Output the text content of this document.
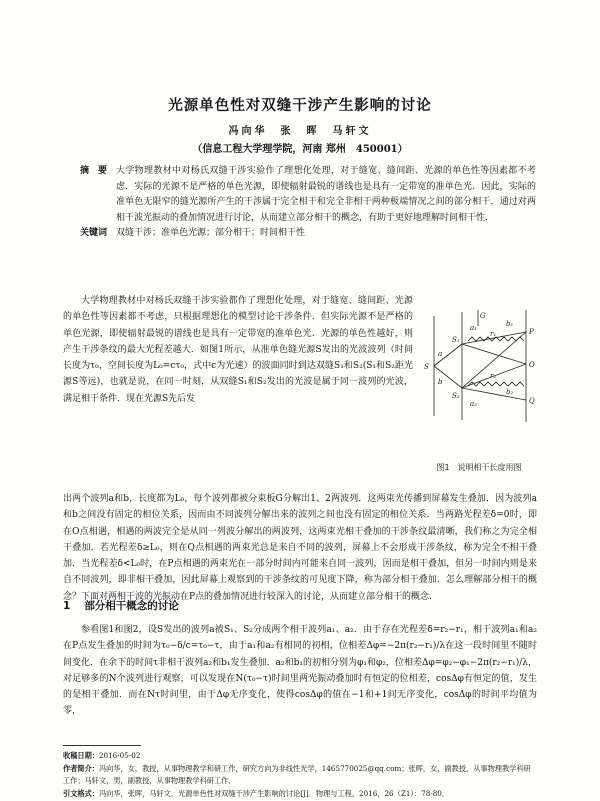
光源单色性对双缝干涉产生影响的讨论
冯向华　张　晖　马轩文
（信息工程大学理学院，河南 郑州　450001）
摘　要 大学物理教材中对杨氏双缝干涉实验作了理想化处理，对于缝宽、缝间距、光源的单色性等因素都不考虑．实际的光源不是严格的单色光源，即使辐射最锐的谱线也是具有一定带宽的准单色光．因此，实际的准单色无限窄的缝光源所产生的干涉属于完全相干和完全非相干两种极端情况之间的部分相干．通过对两相干波光振动的叠加情况进行讨论，从而建立部分相干的概念，有助于更好地理解时间相干性．
关键词 双缝干涉；准单色光源；部分相干；时间相干性
大学物理教材中对杨氏双缝干涉实验都作了理想化处理，对于缝宽、缝间距、光源的单色性等因素都不考虑，只根据理想化的模型讨论干涉条件．但实际光源不是严格的单色光源，即使辐射最锐的谱线也是具有一定带宽的准单色光．光源的单色性越好，则产生干涉条纹的最大光程差越大．如图1所示，从准单色缝光源S发出的光波波列（时间长度为τ₀，空间长度为L₀=cτ₀，式中c为光速）的波面同时到达双缝S₁和S₂(S₁和S₂距光源S等远)，也就是说，在同一时刻，从双缝S₁和S₂发出的光波是属于同一波列的光波，满足相干条件．现在光源S先后发
S
S₁
S₂
G
P
O
Q
r₁
r₂
a
b
b₁
a₁
b₂
a₂
图1　说明相干长度用图
出两个波列a和b，长度都为L₀，每个波列都被分束板G分解出1、2两波列．这两束光传播到屏幕发生叠加．因为波列a和b之间没有固定的相位关系，因而由不同波列分解出来的波列之间也没有固定的相位关系．当两路光程差δ=0时，即在O点相遇，相遇的两波完全是从同一列波分解出的两波列，这两束光相干叠加的干涉条纹最清晰，我们称之为完全相干叠加．若光程差δ≥L₀，则在Q点相遇的两束光总是来自不同的波列，屏幕上不会形成干涉条纹，称为完全不相干叠加．当光程差δ<L₀时，在P点相遇的两束光在一部分时间内可能来自同一波列，因而是相干叠加，但另一时间内则是来自不同波列，即非相干叠加，因此屏幕上观察到的干涉条纹的可见度下降，称为部分相干叠加．怎么理解部分相干的概念？下面对两相干波的光振动在P点的叠加情况进行较深入的讨论，从而建立部分相干的概念．
1 部分相干概念的讨论
参看图1和图2，设S发出的波列a被S₁、S₂分成两个相干波列a₁、a₂．由于存在光程差δ=r₂−r₁，相干波列a₁和a₂在P点发生叠加的时间为τ₀−δ/c=τ₀−τ，由于a₁和a₂有相同的初相，位相差Δφ=−2π(r₂−r₁)/λ在这一段时间里不随时间变化．在余下的时间τ非相干波列a₂和b₁发生叠加．a₂和b₁的初相分别为φ₁和φ₂，位相差Δφ=φ₂−φ₁−2π(r₂−r₁)/λ，对足够多的N个波列进行观察，可以发现在N(τ₀−τ)时间里两光振动叠加时有恒定的位相差，cosΔφ有恒定的值，发生的是相干叠加．而在Nτ时间里，由于Δφ无序变化，使得cosΔφ的值在−1和+1间无序变化，cosΔφ的时间平均值为零，
收稿日期：2016-05-02
作者简介：冯向华，女，教授，从事物理教学和研工作，研究方向为非线性光学，1465770025@qq.com；张晖，女，副教授，从事物理教学科研工作；马轩文，男，副教授，从事物理教学科研工作．
引文格式：冯向华，张晖，马轩文．光源单色性对双缝干涉产生影响的讨论[J]．物理与工程，2016，26（Z1）：78-80．
